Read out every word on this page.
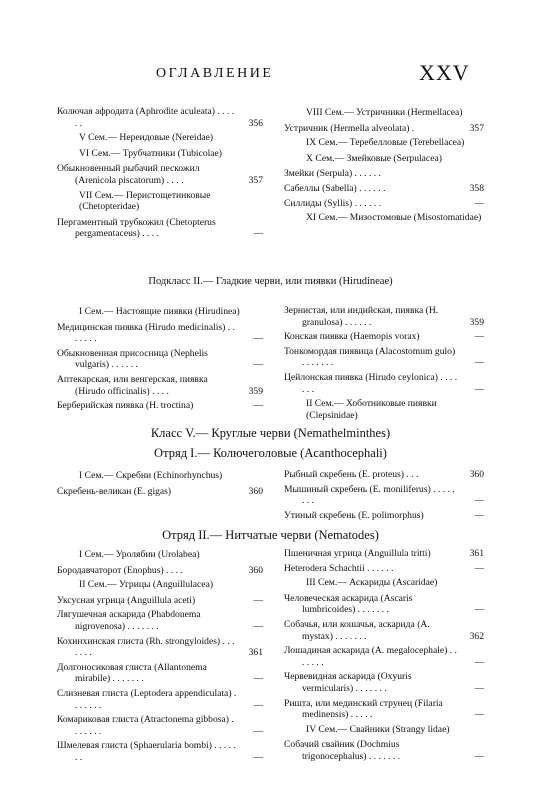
ОГЛАВЛЕНИЕ	XXV
Колючая афродита (Aphrodite aculeata) . . . . . .	356
V Сем.— Нереидовые (Nereidae)
VI Сем.— Трубчатники (Tubicolae)
Обыкновенный рыбачий пескожил (Arenicola piscatorum) . . . .	357
VII Сем.— Перистощетинковые (Chetopteridae)
Пергаментный трубкожил (Chetopterus pergamentaceus) . . . .	—
VIII Сем.— Устричники (Hermellacea)
Устричник (Hermella alveolata) .	357
IX Сем.— Теребелловые (Terebellacea)
X Сем.— Змейковые (Serpulacea)
Змейки (Serpula) . . . . . .
Сабеллы (Sabella) . . . . . .	358
Силлиды (Syllis) . . . . . .	—
XI Сем.— Мизостомовые (Misostomatidae)
Подкласс II.— Гладкие черви, или пиявки (Hirudineae)
I Сем.— Настоящие пиявки (Hirudinea)
Медицинская пиявка (Hirudo medicinalis) . . . . . . .	—
Обыкновенная присосница (Nephelis vulgaris) . . . . . .	—
Аптекарская, или венгерская, пиявка (Hirudo officinalis) . . . .	359
Берберийская пиявка (H. troctina)	—
Зернистая, или индийская, пиявка (H. granulosa) . . . . . .	359
Конская пиявка (Haemopis vorax)	—
Тонкомордая пиявица (Alacostomum gulo) . . . . . . .	—
Цейлонская пиявка (Hirudo ceylonica) . . . . . . .	—
II Сем.— Хоботниковые пиявки (Clepsinidae)
Класс V.— Круглые черви (Nemathelminthes)
Отряд I.— Колючеголовые (Acanthocephali)
I Сем.— Скребни (Echinorhynchus)
Скребень-великан (E. gigas)	360
Рыбный скребень (E. proteus) . . .	360
Мышиный скребень (E. moniliferus) . . . . . . . .	—
Утиный скребень (E. polimorphus)	—
Отряд II.— Нитчатые черви (Nematodes)
I Сем.— Уролябии (Urolabea)
Бородавчаторот (Enophus) . . . .	360
II Сем.— Угрицы (Anguillulacea)
Уксусная угрица (Anguillula aceti)	—
Лягушечная аскарида (Phabdonema nigrovenosa) . . . . . . .	—
Кохинхинская глиста (Rh. strongyloides) . . . . . . .	361
Долгоносиковая глиста (Allantonema mirabile) . . . . . . .	—
Слизневая глиста (Leptodera appendiculata) . . . . . . .	—
Комариковая глиста (Atractonema gibbosa) . . . . . . .	—
Шмелевая глиста (Sphaerularia bombi) . . . . . . .	—
Пшеничная угрица (Anguillula tritti)	361
Heterodera Schachtii . . . . . .	—
III Сем.— Аскариды (Ascaridae)
Человеческая аскарида (Ascaris lumbricoides) . . . . . . .	—
Собачья, или кошачья, аскарида (A. mystax) . . . . . . .	362
Лошадиная аскарида (A. megalocephale) . . . . . . .	—
Червевидная аскарида (Oxyuris vermicularis) . . . . . . .	—
Ришта, или мединский струнец (Filaria medinensis) . . . . .	—
IV Сем.— Свайники (Strangy lidae)
Собачий свайник (Dochmius trigonocephalus) . . . . . . .	—
